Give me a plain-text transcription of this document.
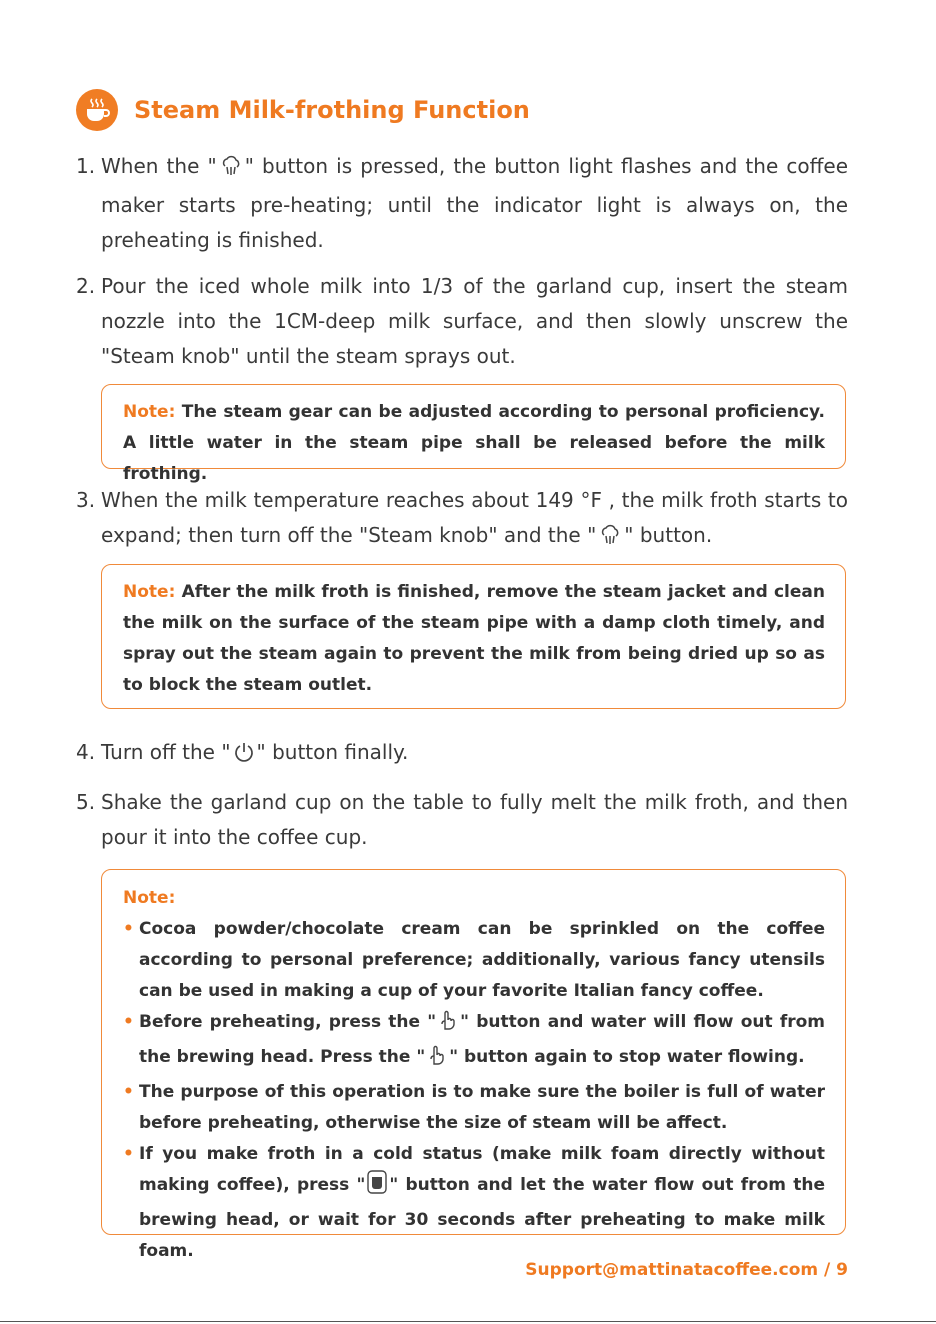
Steam Milk-frothing Function
1. When the " " button is pressed, the button light flashes and the coffee maker starts pre-heating; until the indicator light is always on, the preheating is finished.
2. Pour the iced whole milk into 1/3 of the garland cup, insert the steam nozzle into the 1CM-deep milk surface, and then slowly unscrew the "Steam knob" until the steam sprays out.

Note: The steam gear can be adjusted according to personal proficiency. A little water in the steam pipe shall be released before the milk frothing.

3. When the milk temperature reaches about 149 °F , the milk froth starts to expand; then turn off the "Steam knob" and the " " button.

Note: After the milk froth is finished, remove the steam jacket and clean the milk on the surface of the steam pipe with a damp cloth timely, and spray out the steam again to prevent the milk from being dried up so as to block the steam outlet.

4. Turn off the " " button finally.
5. Shake the garland cup on the table to fully melt the milk froth, and then pour it into the coffee cup.
Note:
• Cocoa powder/chocolate cream can be sprinkled on the coffee according to personal preference; additionally, various fancy utensils can be used in making a cup of your favorite Italian fancy coffee.
• Before preheating, press the " " button and water will flow out from the brewing head. Press the " " button again to stop water flowing.
• The purpose of this operation is to make sure the boiler is full of water before preheating, otherwise the size of steam will be affect.
• If you make froth in a cold status (make milk foam directly without making coffee), press " " button and let the water flow out from the brewing head, or wait for 30 seconds after preheating to make milk foam.
Support@mattinatacoffee.com / 9
